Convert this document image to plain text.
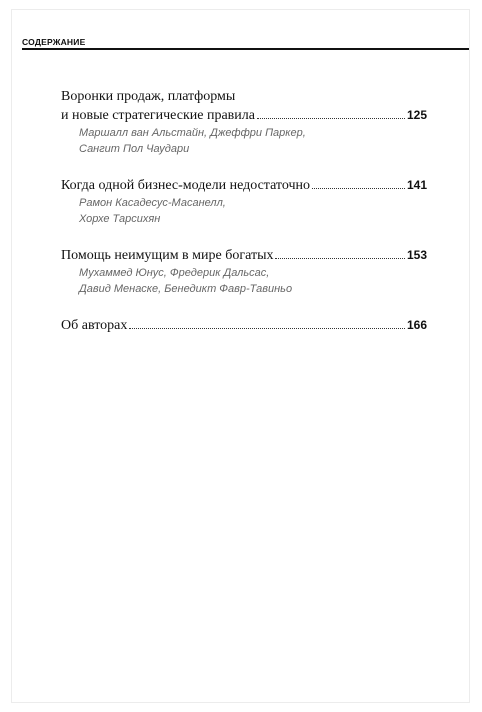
СОДЕРЖАНИЕ
Воронки продаж, платформы
и новые стратегические правила	125
Маршалл ван Альстайн, Джеффри Паркер,
Сангит Пол Чаудари
Когда одной бизнес-модели недостаточно	141
Рамон Касадесус-Масанелл,
Хорхе Тарсихян
Помощь неимущим в мире богатых	153
Мухаммед Юнус, Фредерик Дальсас,
Давид Менаске, Бенедикт Фавр-Тавиньо
Об авторах	166
